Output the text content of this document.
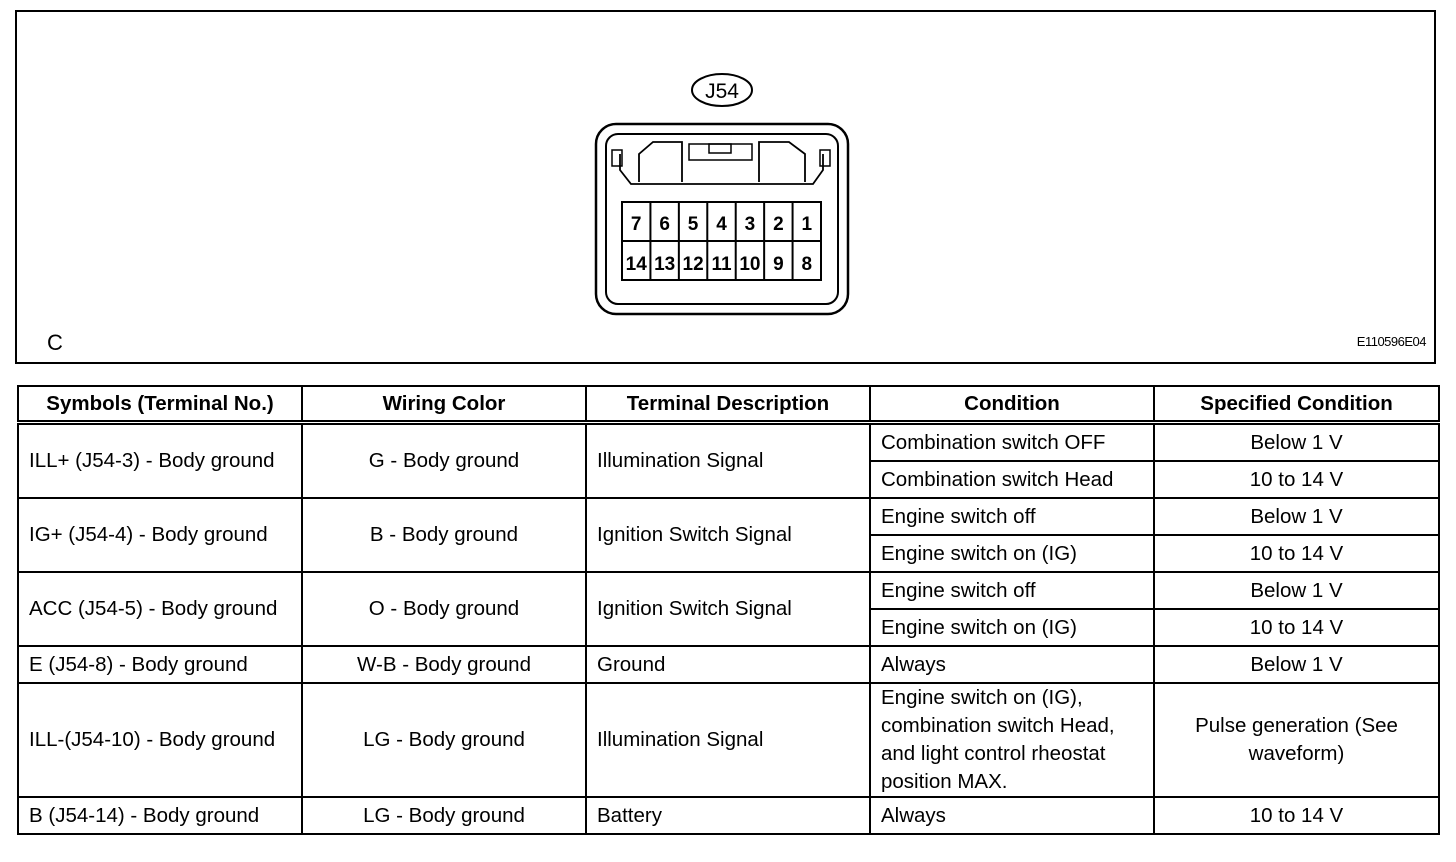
J54
7 6 5 4 3 2 1
14 13 12 11 10 9 8
C	E110596E04
Symbols (Terminal No.)	Wiring Color	Terminal Description	Condition	Specified Condition
ILL+ (J54-3) - Body ground	G - Body ground	Illumination Signal	Combination switch OFF	Below 1 V
			Combination switch Head	10 to 14 V
IG+ (J54-4) - Body ground	B - Body ground	Ignition Switch Signal	Engine switch off	Below 1 V
			Engine switch on (IG)	10 to 14 V
ACC (J54-5) - Body ground	O - Body ground	Ignition Switch Signal	Engine switch off	Below 1 V
			Engine switch on (IG)	10 to 14 V
E (J54-8) - Body ground	W-B - Body ground	Ground	Always	Below 1 V
ILL-(J54-10) - Body ground	LG - Body ground	Illumination Signal	Engine switch on (IG), combination switch Head, and light control rheostat position MAX.	Pulse generation (See waveform)
B (J54-14) - Body ground	LG - Body ground	Battery	Always	10 to 14 V
